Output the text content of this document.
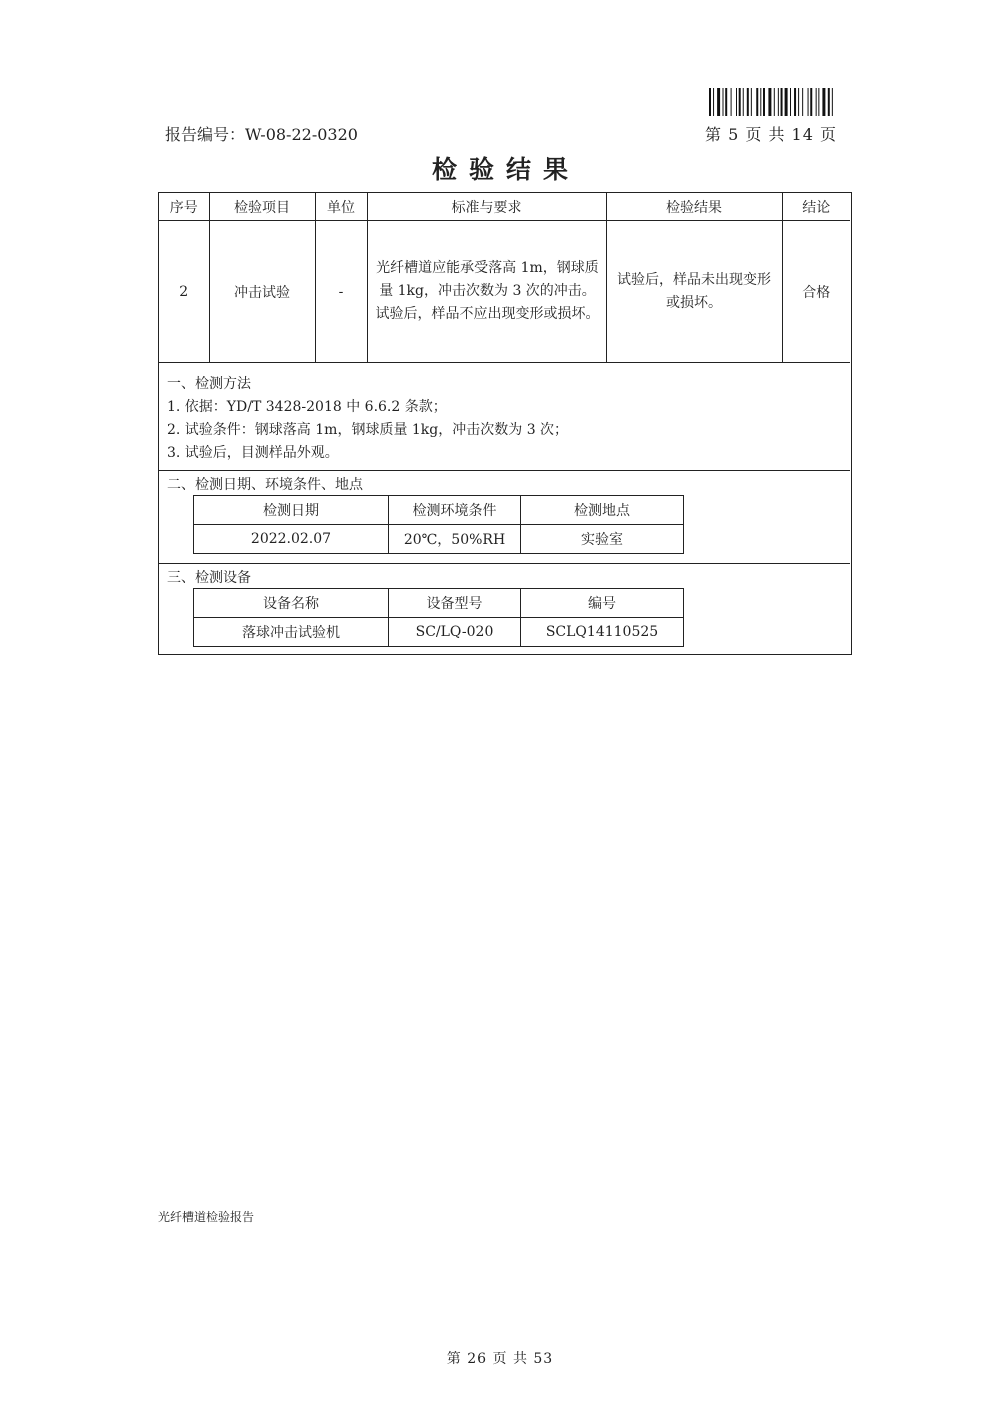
报告编号：W-08-22-0320	第 5 页 共 14 页
检验结果
序号	检验项目	单位	标准与要求	检验结果	结论
2	冲击试验	-	光纤槽道应能承受落高 1m，钢球质量 1kg，冲击次数为 3 次的冲击。试验后，样品不应出现变形或损坏。	试验后，样品未出现变形或损坏。	合格
一、检测方法
1. 依据：YD/T 3428-2018 中 6.6.2 条款；
2. 试验条件：钢球落高 1m，钢球质量 1kg，冲击次数为 3 次；
3. 试验后，目测样品外观。
二、检测日期、环境条件、地点
检测日期	检测环境条件	检测地点
2022.02.07	20℃，50%RH	实验室
三、检测设备
设备名称	设备型号	编号
落球冲击试验机	SC/LQ-020	SCLQ14110525
光纤槽道检验报告
第 26 页 共 53
